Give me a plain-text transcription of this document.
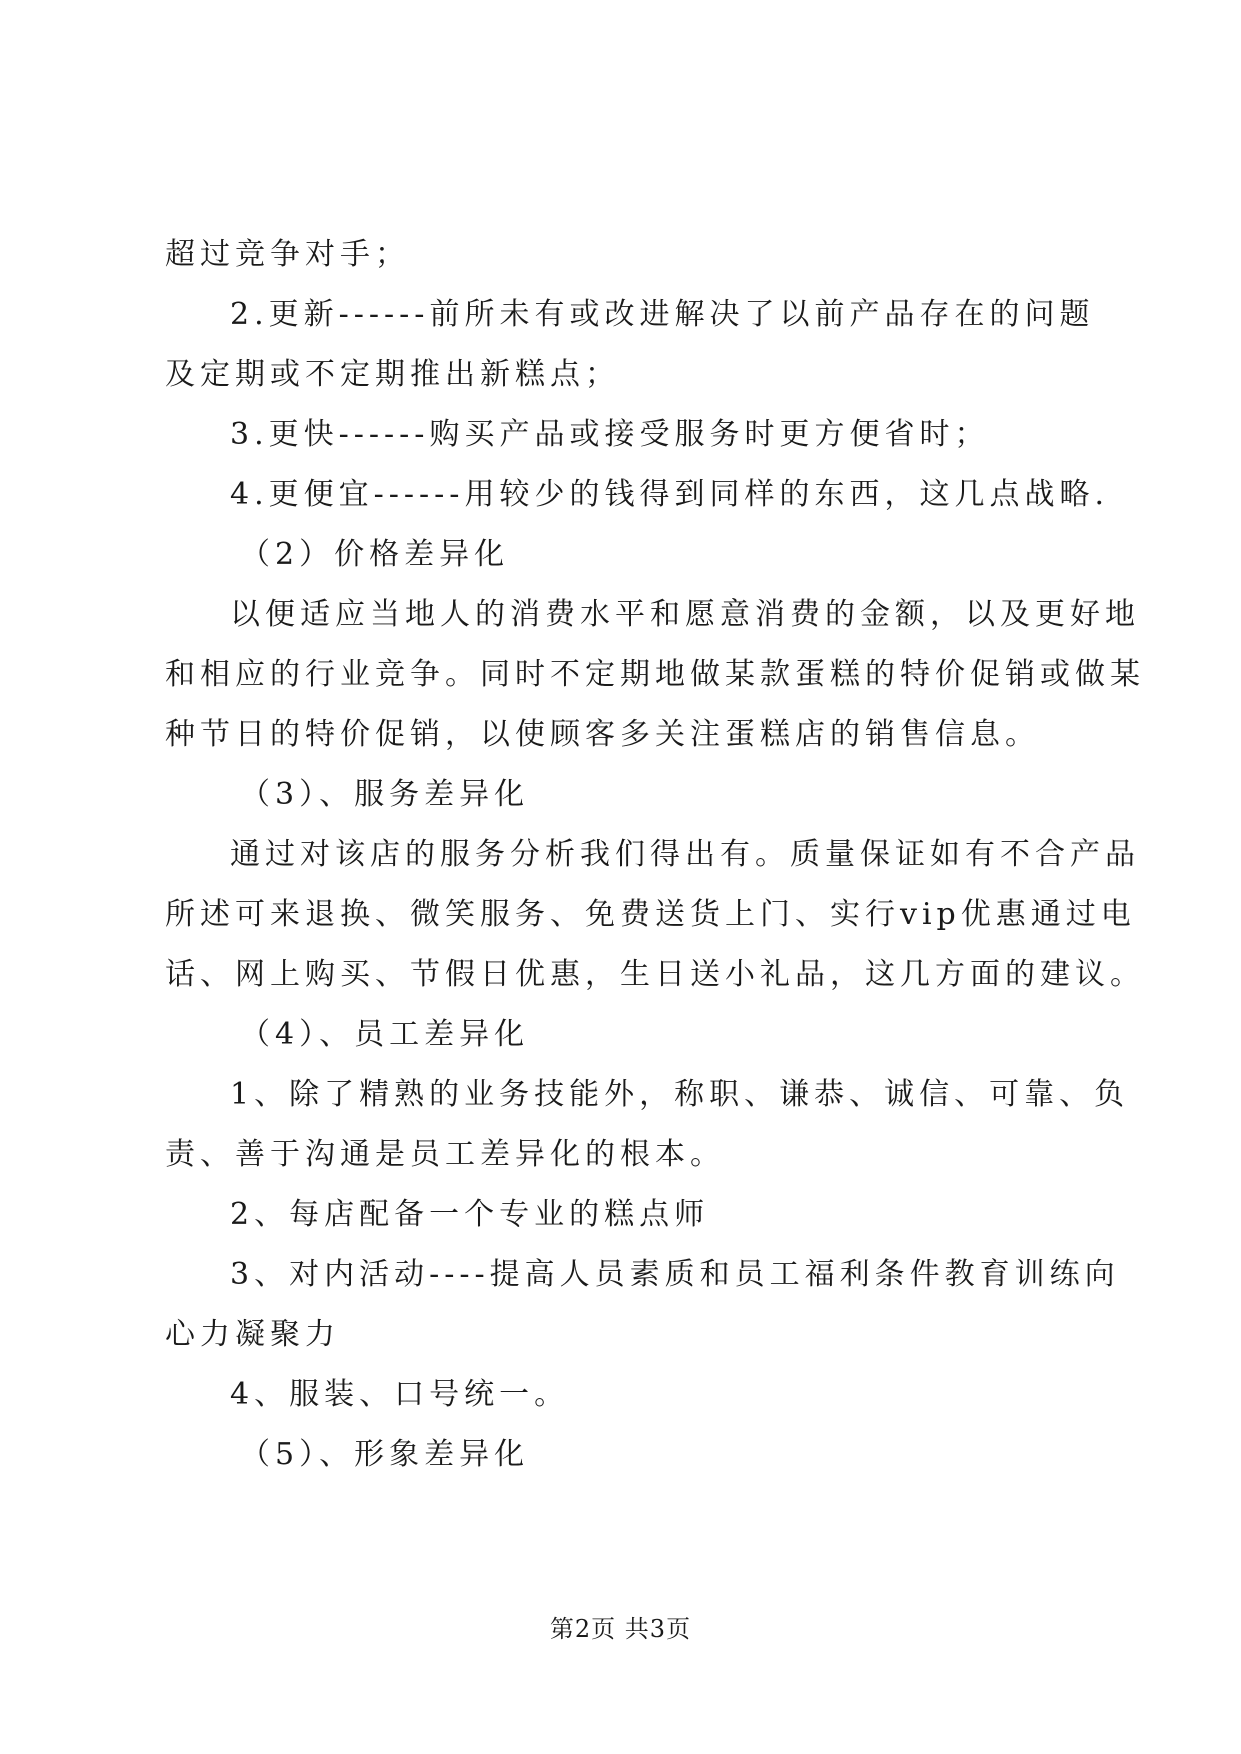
超过竞争对手；

2.更新------前所未有或改进解决了以前产品存在的问题

及定期或不定期推出新糕点；

3.更快------购买产品或接受服务时更方便省时；

4.更便宜------用较少的钱得到同样的东西，这几点战略.

（2）价格差异化

以便适应当地人的消费水平和愿意消费的金额，以及更好地

和相应的行业竞争。同时不定期地做某款蛋糕的特价促销或做某

种节日的特价促销，以使顾客多关注蛋糕店的销售信息。

（3）、服务差异化

通过对该店的服务分析我们得出有。质量保证如有不合产品

所述可来退换、微笑服务、免费送货上门、实行vip优惠通过电

话、网上购买、节假日优惠，生日送小礼品，这几方面的建议。

（4）、员工差异化

1、除了精熟的业务技能外，称职、谦恭、诚信、可靠、负

责、善于沟通是员工差异化的根本。

2、每店配备一个专业的糕点师

3、对内活动----提高人员素质和员工福利条件教育训练向

心力凝聚力

4、服装、口号统一。

（5）、形象差异化

第2页 共3页
